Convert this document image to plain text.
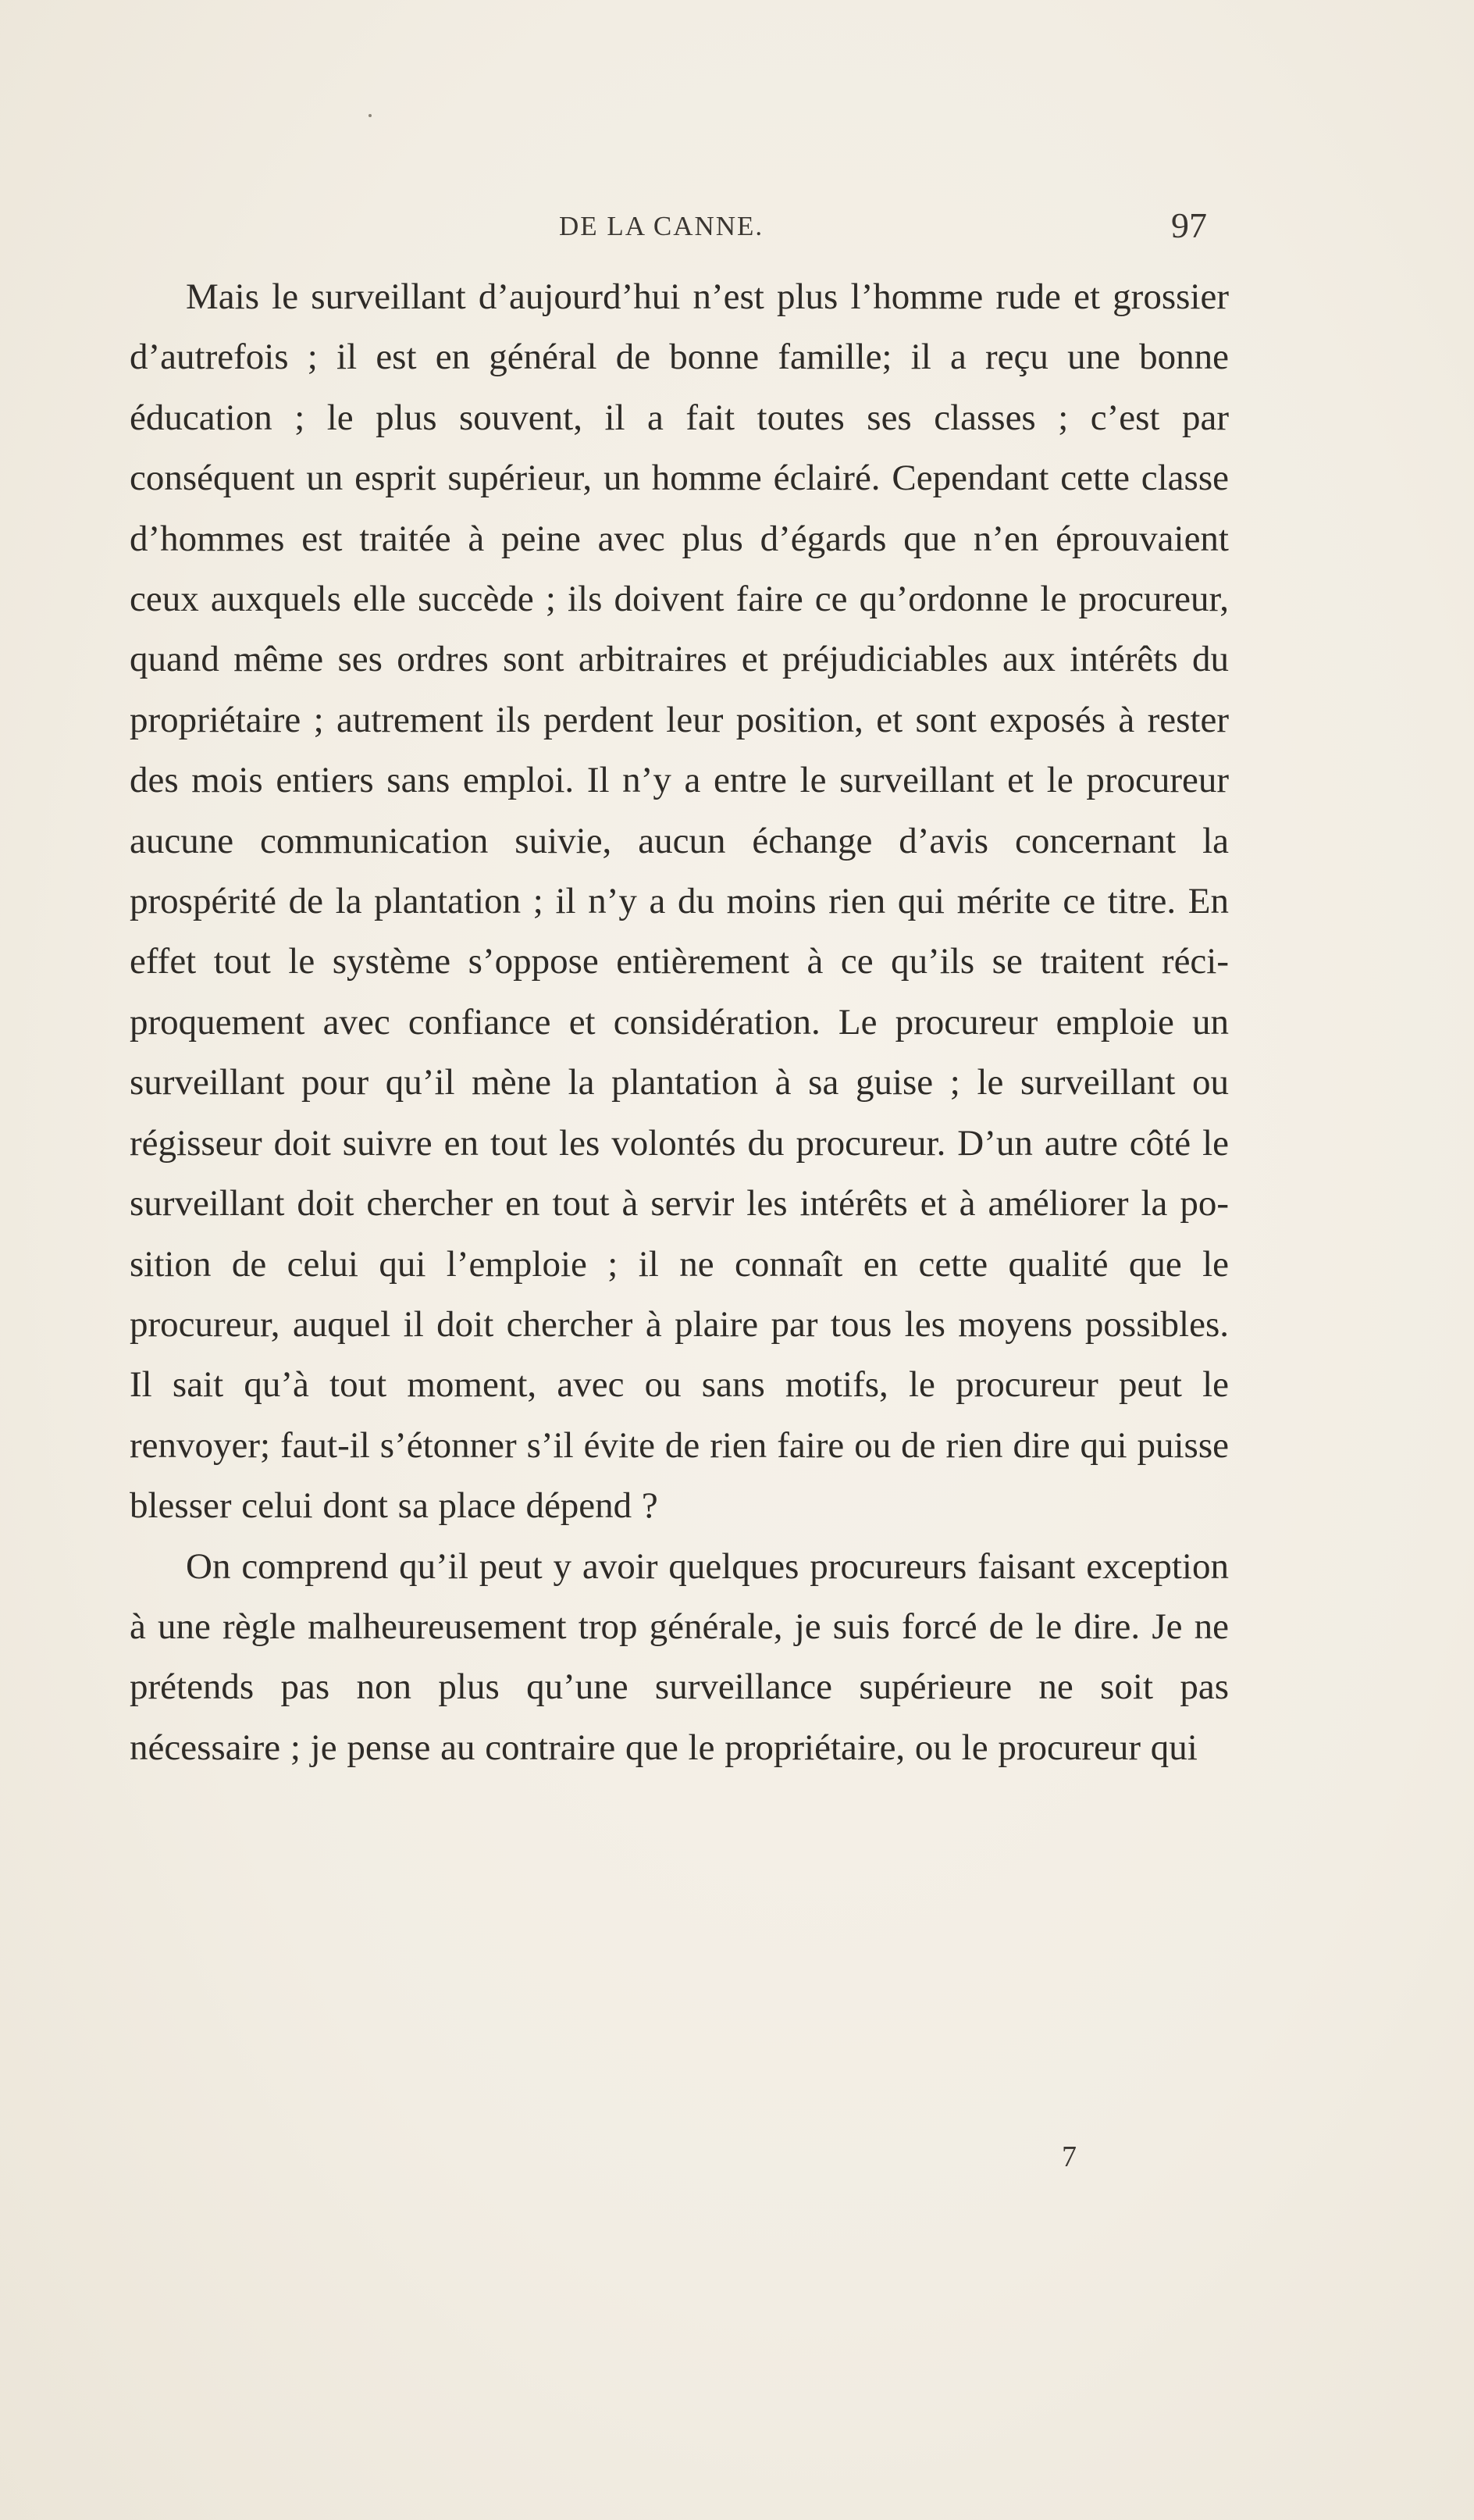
DE LA CANNE.	97

Mais le surveillant d’aujourd’hui n’est plus l’homme rude et grossier d’autrefois ; il est en général de bonne famille; il a reçu une bonne éducation ; le plus souvent, il a fait toutes ses classes ; c’est par conséquent un esprit supérieur, un homme éclairé. Cependant cette classe d’hommes est traitée à peine avec plus d’égards que n’en éprouvaient ceux auxquels elle succède ; ils doivent faire ce qu’ordonne le procureur, quand même ses ordres sont arbitraires et préjudiciables aux intérêts du propriétaire ; autrement ils perdent leur position, et sont exposés à rester des mois entiers sans emploi. Il n’y a entre le surveillant et le procureur aucune communication suivie, aucun échange d’avis concernant la prospérité de la plantation ; il n’y a du moins rien qui mérite ce titre. En effet tout le système s’oppose entièrement à ce qu’ils se traitent réciproquement avec confiance et considération. Le procureur emploie un surveillant pour qu’il mène la plantation à sa guise ; le surveillant ou régisseur doit suivre en tout les volontés du procureur. D’un autre côté le surveillant doit chercher en tout à servir les intérêts et à améliorer la position de celui qui l’emploie ; il ne connaît en cette qualité que le procureur, auquel il doit chercher à plaire par tous les moyens possibles. Il sait qu’à tout moment, avec ou sans motifs, le procureur peut le renvoyer; faut-il s’étonner s’il évite de rien faire ou de rien dire qui puisse blesser celui dont sa place dépend ?

On comprend qu’il peut y avoir quelques procureurs faisant exception à une règle malheureusement trop générale, je suis forcé de le dire. Je ne prétends pas non plus qu’une surveillance supérieure ne soit pas nécessaire ; je pense au contraire que le propriétaire, ou le procureur qui

7
